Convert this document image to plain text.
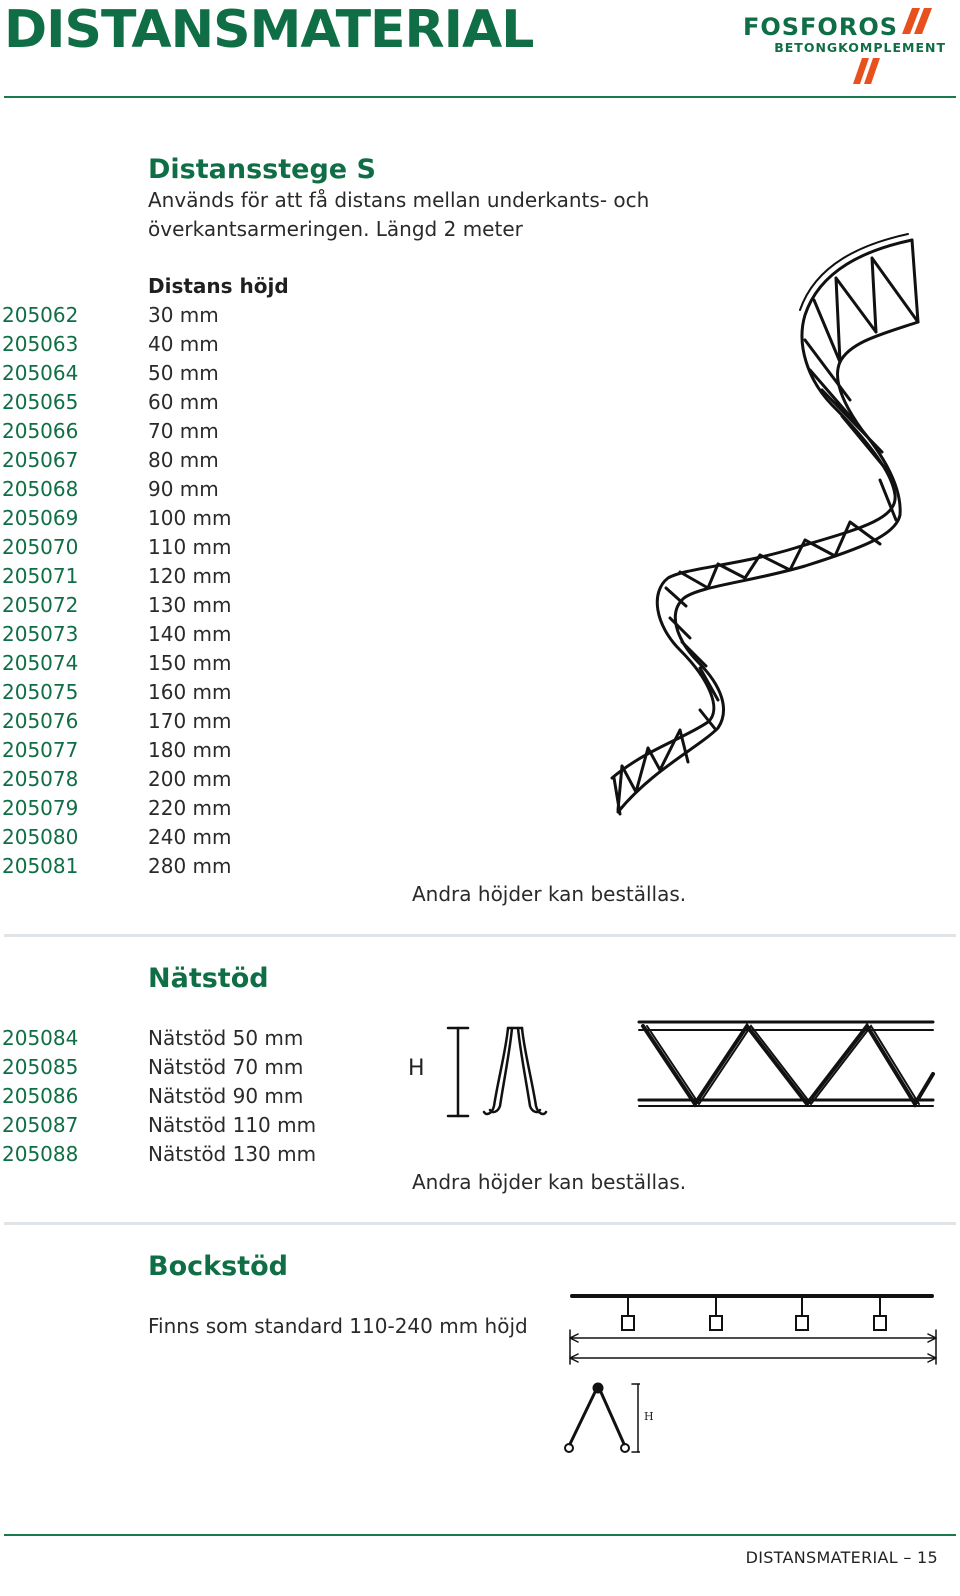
DISTANSMATERIAL	FOSFOROS
BETONGKOMPLEMENT
Distansstege S
Används för att få distans mellan underkants- och
överkantsarmeringen. Längd 2 meter
Distans höjd
205062
205063
205064
205065
205066
205067
205068
205069
205070
205071
205072
205073
205074
205075
205076
205077
205078
205079
205080
205081
30 mm
40 mm
50 mm
60 mm
70 mm
80 mm
90 mm
100 mm
110 mm
120 mm
130 mm
140 mm
150 mm
160 mm
170 mm
180 mm
200 mm
220 mm
240 mm
280 mm
Andra höjder kan beställas.
Nätstöd
205084
205085
205086
205087
205088
Nätstöd 50 mm
Nätstöd 70 mm
Nätstöd 90 mm
Nätstöd 110 mm
Nätstöd 130 mm
H
Andra höjder kan beställas.
Bockstöd
Finns som standard 110-240 mm höjd
H
DISTANSMATERIAL – 15
